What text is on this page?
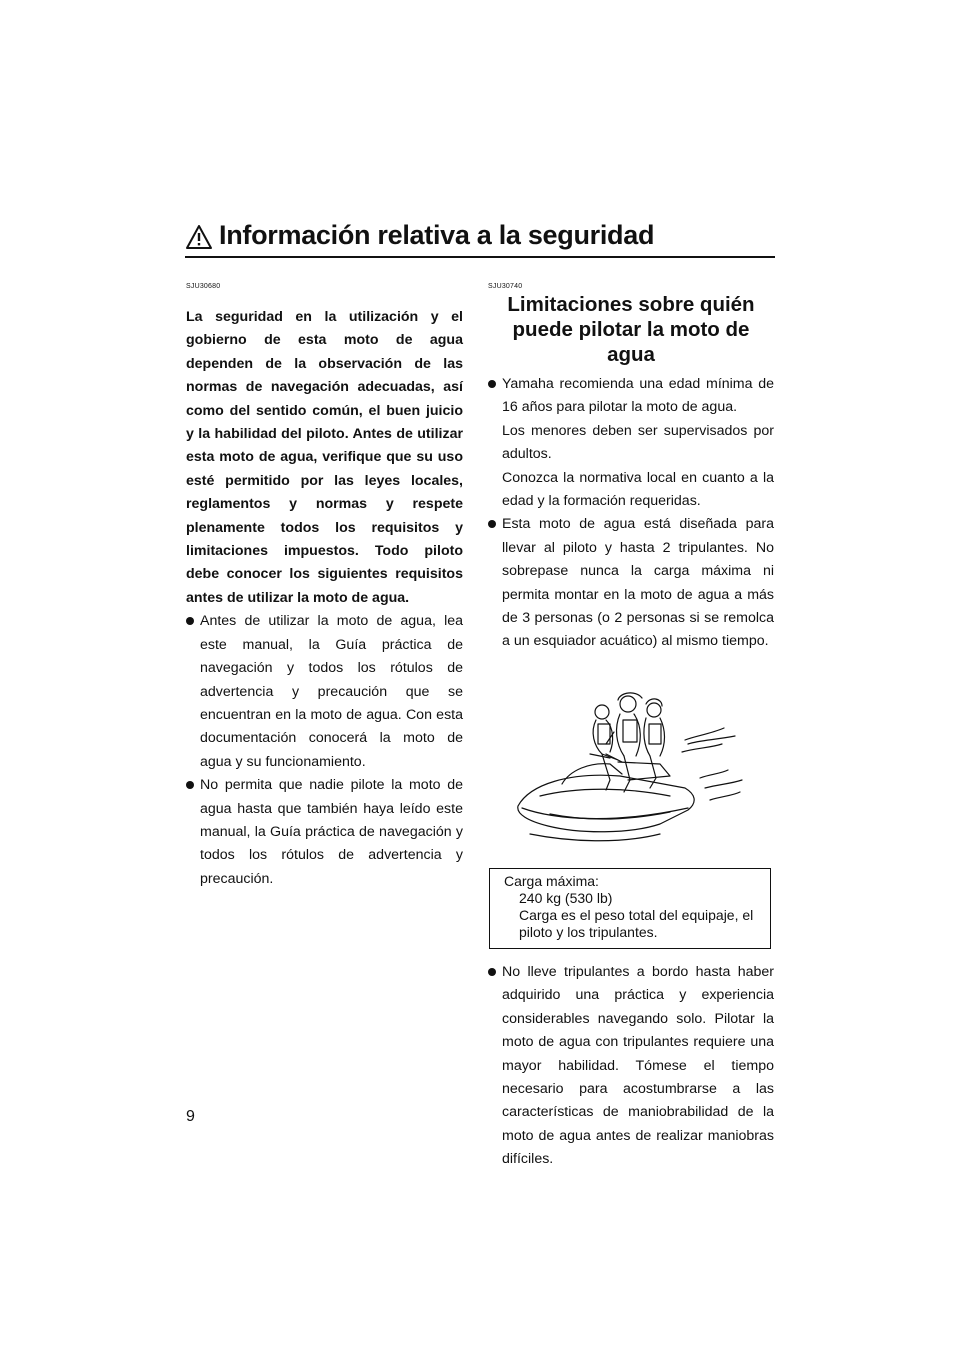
Información relativa a la seguridad
SJU30680
La seguridad en la utilización y el gobierno de esta moto de agua dependen de la observación de las normas de navegación adecuadas, así como del sentido común, el buen juicio y la habilidad del piloto. Antes de utilizar esta moto de agua, verifique que su uso esté permitido por las leyes locales, reglamentos y normas y respete plenamente todos los requisitos y limitaciones impuestos. Todo piloto debe conocer los siguientes requisitos antes de utilizar la moto de agua.

Antes de utilizar la moto de agua, lea este manual, la Guía práctica de navegación y todos los rótulos de advertencia y precaución que se encuentran en la moto de agua. Con esta documentación conocerá la moto de agua y su funcionamiento.

No permita que nadie pilote la moto de agua hasta que también haya leído este manual, la Guía práctica de navegación y todos los rótulos de advertencia y precaución.

SJU30740
Limitaciones sobre quién puede pilotar la moto de agua

Yamaha recomienda una edad mínima de 16 años para pilotar la moto de agua.

Los menores deben ser supervisados por adultos.

Conozca la normativa local en cuanto a la edad y la formación requeridas.

Esta moto de agua está diseñada para llevar al piloto y hasta 2 tripulantes. No sobrepase nunca la carga máxima ni permita montar en la moto de agua a más de 3 personas (o 2 personas si se remolca a un esquiador acuático) al mismo tiempo.

Carga máxima:
240 kg (530 lb)
Carga es el peso total del equipaje, el piloto y los tripulantes.

No lleve tripulantes a bordo hasta haber adquirido una práctica y experiencia considerables navegando solo. Pilotar la moto de agua con tripulantes requiere una mayor habilidad. Tómese el tiempo necesario para acostumbrarse a las características de maniobrabilidad de la moto de agua antes de realizar maniobras difíciles.

9
